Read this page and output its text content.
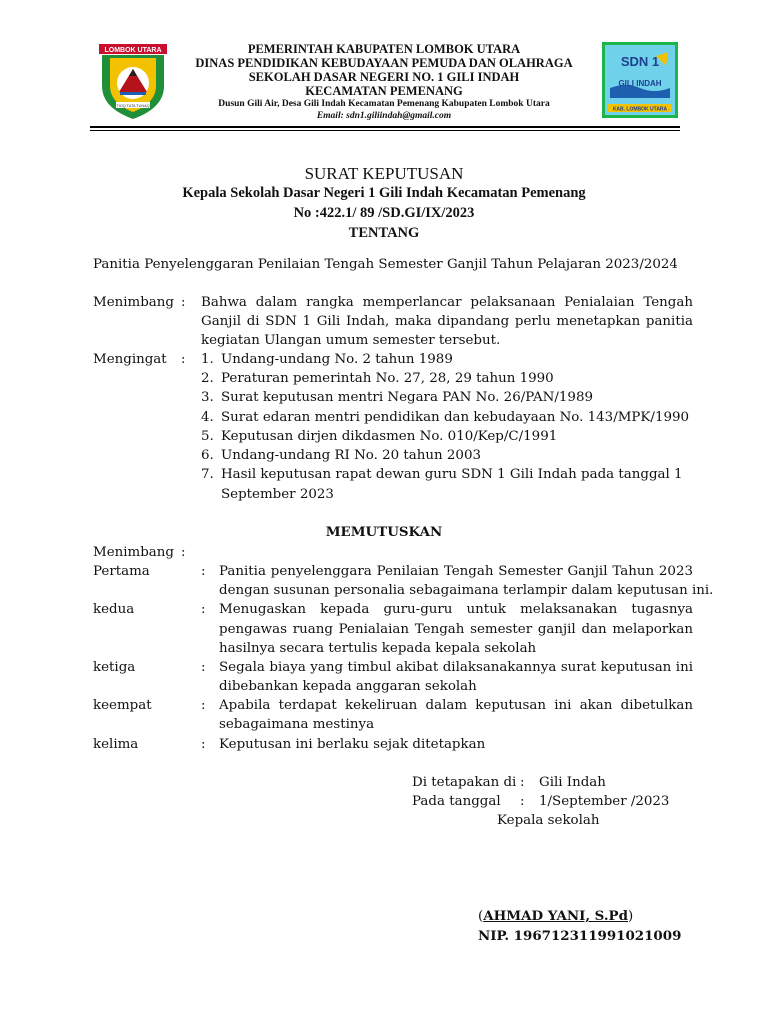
LOMBOK UTARA
TIOQ TATA TUNAQ
PEMERINTAH KABUPATEN LOMBOK UTARA
DINAS PENDIDIKAN KEBUDAYAAN PEMUDA DAN OLAHRAGA
SEKOLAH DASAR NEGERI NO. 1 GILI INDAH
KECAMATAN PEMENANG
Dusun Gili Air, Desa Gili Indah Kecamatan Pemenang Kabupaten Lombok Utara
Email: sdn1.giliindah@gmail.com
SDN 1
GILI INDAH
KAB. LOMBOK UTARA
SURAT KEPUTUSAN
Kepala Sekolah Dasar Negeri 1 Gili Indah Kecamatan Pemenang
No :422.1/ 89 /SD.GI/IX/2023
TENTANG
Panitia Penyelenggaran Penilaian Tengah Semester Ganjil Tahun Pelajaran 2023/2024
Menimbang : Bahwa dalam rangka memperlancar pelaksanaan Penialaian Tengah
Ganjil di SDN 1 Gili Indah, maka dipandang perlu menetapkan panitia
kegiatan Ulangan umum semester tersebut.
Mengingat : 1. Undang-undang No. 2 tahun 1989
2. Peraturan pemerintah No. 27, 28, 29 tahun 1990
3. Surat keputusan mentri Negara PAN No. 26/PAN/1989
4. Surat edaran mentri pendidikan dan kebudayaan No. 143/MPK/1990
5. Keputusan dirjen dikdasmen No. 010/Kep/C/1991
6. Undang-undang RI No. 20 tahun 2003
7. Hasil keputusan rapat dewan guru SDN 1 Gili Indah pada tanggal 1
September 2023
MEMUTUSKAN
Menimbang :
Pertama	: Panitia penyelenggara Penilaian Tengah Semester Ganjil Tahun 2023
dengan susunan personalia sebagaimana terlampir dalam keputusan ini.
kedua	: Menugaskan kepada guru-guru untuk melaksanakan tugasnya
pengawas ruang Penialaian Tengah semester ganjil dan melaporkan
hasilnya secara tertulis kepada kepala sekolah
ketiga	: Segala biaya yang timbul akibat dilaksanakannya surat keputusan ini
dibebankan kepada anggaran sekolah
keempat	: Apabila terdapat kekeliruan dalam keputusan ini akan dibetulkan
sebagaimana mestinya
kelima	: Keputusan ini berlaku sejak ditetapkan
Di tetapakan di : Gili Indah
Pada tanggal : 1/September /2023
Kepala sekolah
(AHMAD YANI, S.Pd)
NIP. 196712311991021009
